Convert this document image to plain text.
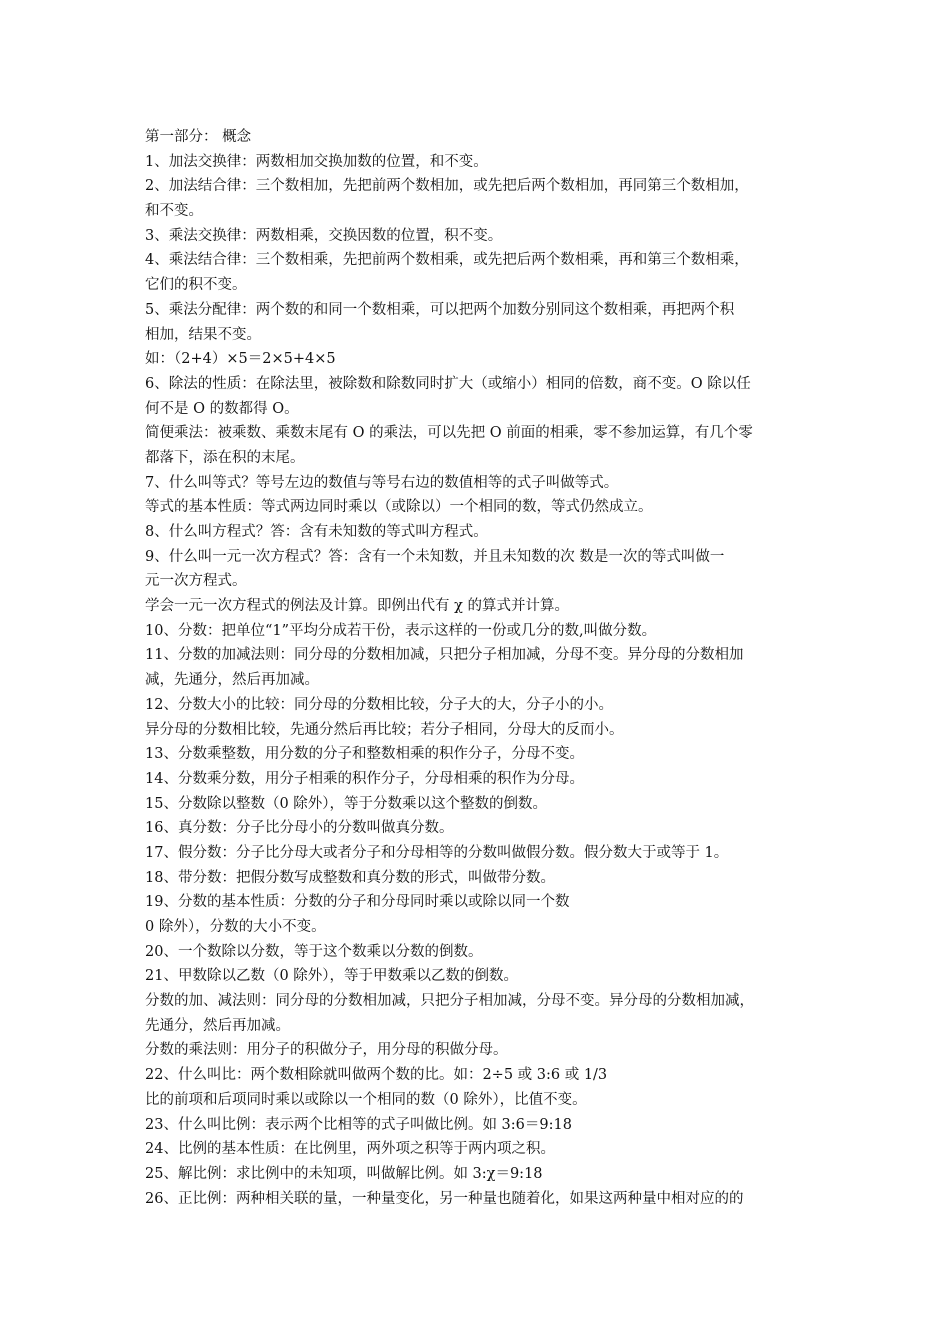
第一部分： 概念
1、加法交换律：两数相加交换加数的位置，和不变。
2、加法结合律：三个数相加，先把前两个数相加，或先把后两个数相加，再同第三个数相加，
和不变。
3、乘法交换律：两数相乘，交换因数的位置，积不变。
4、乘法结合律：三个数相乘，先把前两个数相乘，或先把后两个数相乘，再和第三个数相乘，
它们的积不变。
5、乘法分配律：两个数的和同一个数相乘，可以把两个加数分别同这个数相乘，再把两个积
相加，结果不变。
如：（2+4）×5＝2×5+4×5
6、除法的性质：在除法里，被除数和除数同时扩大（或缩小）相同的倍数，商不变。O 除以任
何不是 O 的数都得 O。
简便乘法：被乘数、乘数末尾有 O 的乘法，可以先把 O 前面的相乘，零不参加运算，有几个零
都落下，添在积的末尾。
7、什么叫等式？等号左边的数值与等号右边的数值相等的式子叫做等式。
等式的基本性质：等式两边同时乘以（或除以）一个相同的数，等式仍然成立。
8、什么叫方程式？答：含有未知数的等式叫方程式。
9、什么叫一元一次方程式？答：含有一个未知数，并且未知数的次 数是一次的等式叫做一
元一次方程式。
学会一元一次方程式的例法及计算。即例出代有 χ 的算式并计算。
10、分数：把单位“1”平均分成若干份，表示这样的一份或几分的数,叫做分数。
11、分数的加减法则：同分母的分数相加减，只把分子相加减，分母不变。异分母的分数相加
减，先通分，然后再加减。
12、分数大小的比较：同分母的分数相比较，分子大的大，分子小的小。
异分母的分数相比较，先通分然后再比较；若分子相同，分母大的反而小。
13、分数乘整数，用分数的分子和整数相乘的积作分子，分母不变。
14、分数乘分数，用分子相乘的积作分子，分母相乘的积作为分母。
15、分数除以整数（0 除外），等于分数乘以这个整数的倒数。
16、真分数：分子比分母小的分数叫做真分数。
17、假分数：分子比分母大或者分子和分母相等的分数叫做假分数。假分数大于或等于 1。
18、带分数：把假分数写成整数和真分数的形式，叫做带分数。
19、分数的基本性质：分数的分子和分母同时乘以或除以同一个数
0 除外），分数的大小不变。
20、一个数除以分数，等于这个数乘以分数的倒数。
21、甲数除以乙数（0 除外），等于甲数乘以乙数的倒数。
分数的加、减法则：同分母的分数相加减，只把分子相加减，分母不变。异分母的分数相加减，
先通分，然后再加减。
分数的乘法则：用分子的积做分子，用分母的积做分母。
22、什么叫比：两个数相除就叫做两个数的比。如：2÷5 或 3:6 或 1/3
比的前项和后项同时乘以或除以一个相同的数（0 除外），比值不变。
23、什么叫比例：表示两个比相等的式子叫做比例。如 3:6＝9:18
24、比例的基本性质：在比例里，两外项之积等于两内项之积。
25、解比例：求比例中的未知项，叫做解比例。如 3:χ＝9:18
26、正比例：两种相关联的量，一种量变化，另一种量也随着化，如果这两种量中相对应的的
